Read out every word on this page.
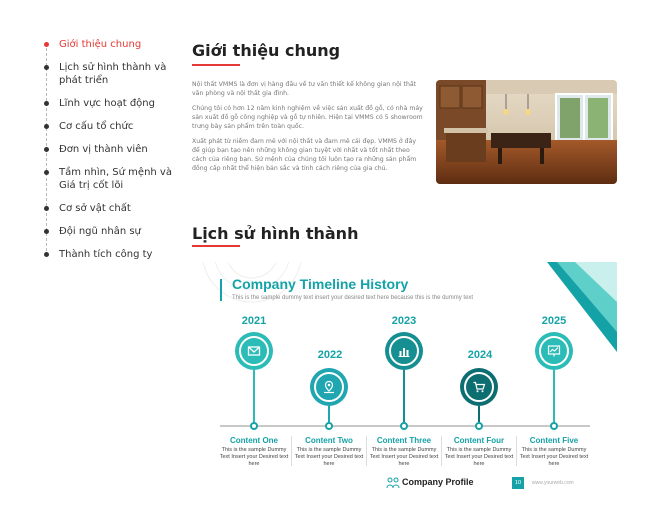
Giới thiệu chung
Lịch sử hình thành và phát triển
Lĩnh vực hoạt động
Cơ cấu tổ chức
Đơn vị thành viên
Tầm nhìn, Sứ mệnh và Giá trị cốt lõi
Cơ sở vật chất
Đội ngũ nhân sự
Thành tích công ty
Giới thiệu chung

Nội thất VMMS là đơn vị hàng đầu về tư vấn thiết kế không gian nội thất văn phòng và nội thất gia đình.

Chúng tôi có hơn 12 năm kinh nghiệm về việc sản xuất đồ gỗ, có nhà máy sản xuất đồ gỗ công nghiệp và gỗ tự nhiên. Hiện tại VMMS có 5 showroom trưng bày sản phẩm trên toàn quốc.

Xuất phát từ niềm đam mê với nội thất và đam mê cái đẹp. VMMS ở đây để giúp bạn tạo nên những không gian tuyệt vời nhất và tốt nhất theo cách của riêng bạn. Sứ mệnh của chúng tôi luôn tạo ra những sản phẩm đồng cấp nhất thể hiện bản sắc và tinh cách riêng của gia chủ.

Lịch sử hình thành
Company Timeline History
This is the sample dummy text insert your desired text here because this is the dummy text
2021
2022
2023
2024
2025
Content One
This is the sample Dummy Text Insert your Desired text here
Content Two
This is the sample Dummy Text Insert your Desired text here
Content Three
This is the sample Dummy Text Insert your Desired text here
Content Four
This is the sample Dummy Text Insert your Desired text here
Content Five
This is the sample Dummy Text Insert your Desired text here
Company Profile	10	www.yourweb.com
